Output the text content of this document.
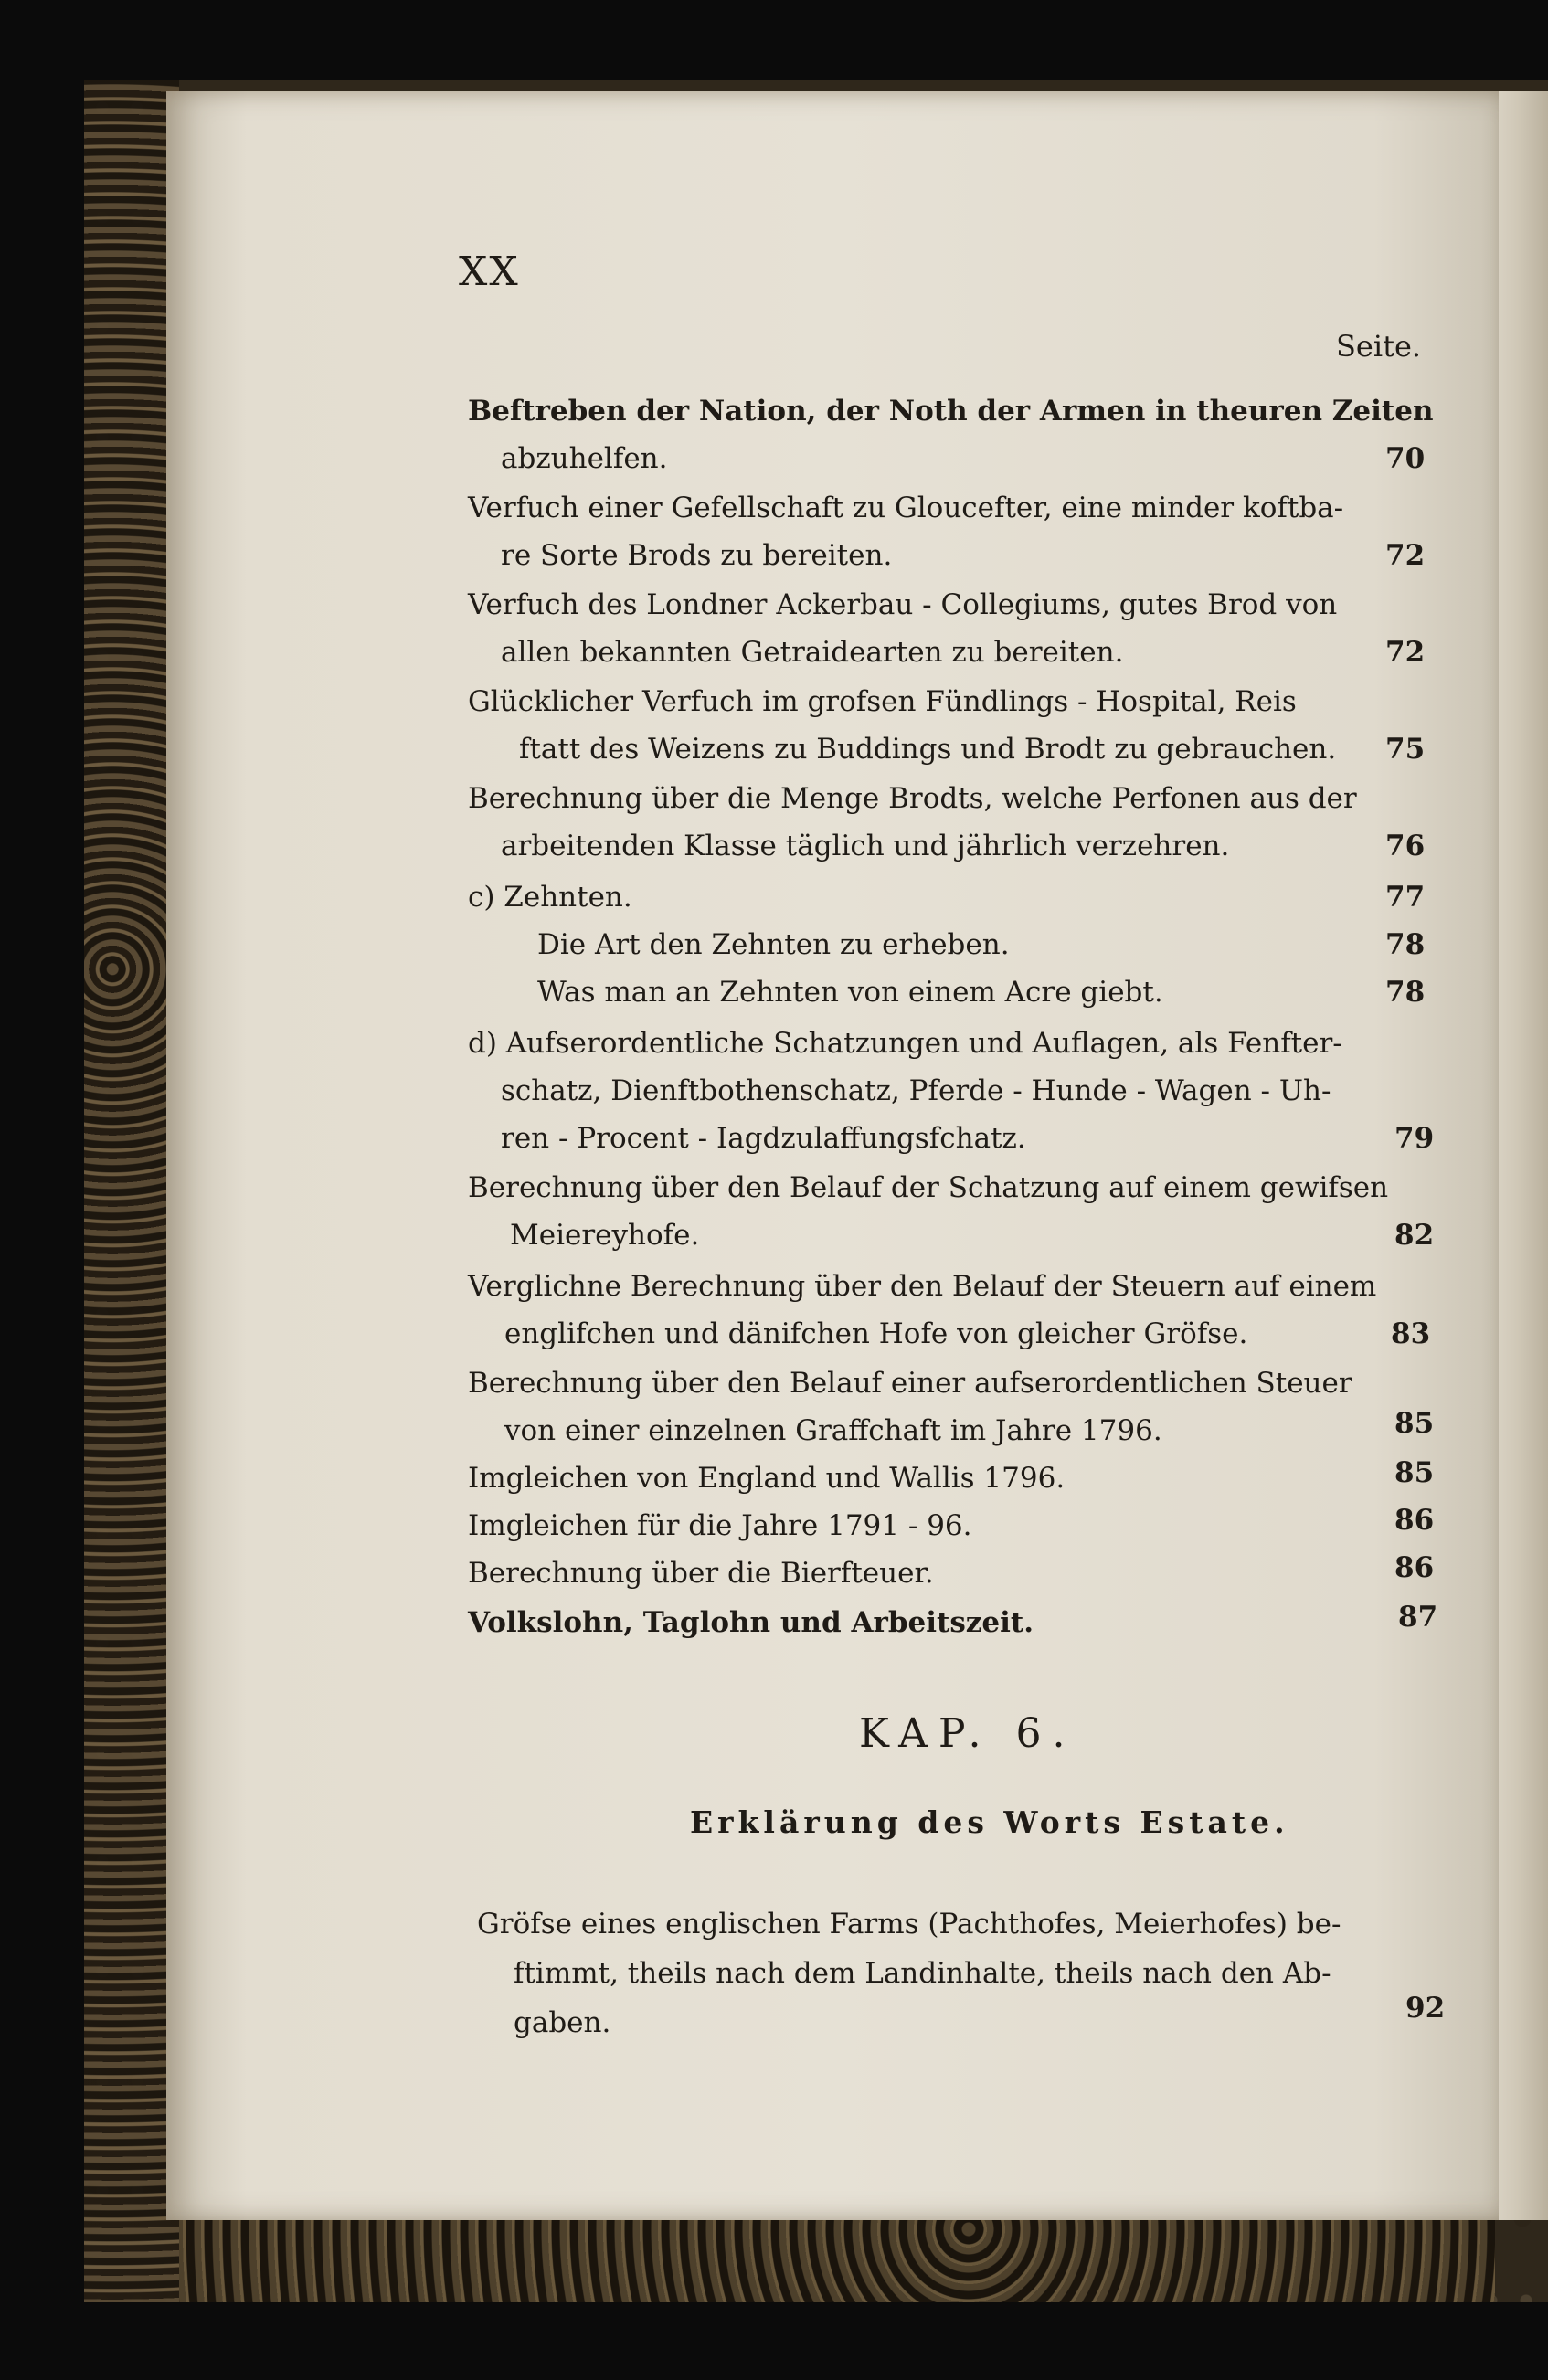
XX
Seite.
Beftreben der Nation, der Noth der Armen in theuren Zeiten
abzuhelfen.	70
Verfuch einer Gefellschaft zu Gloucefter, eine minder koftba-
re Sorte Brods zu bereiten.	72
Verfuch des Londner Ackerbau - Collegiums, gutes Brod von
allen bekannten Getraidearten zu bereiten.	72
Glücklicher Verfuch im grofsen Fündlings - Hospital, Reis
ftatt des Weizens zu Buddings und Brodt zu gebrauchen. 75
Berechnung über die Menge Brodts, welche Perfonen aus der
arbeitenden Klasse täglich und jährlich verzehren.	76
c) Zehnten.	77
Die Art den Zehnten zu erheben.	78
Was man an Zehnten von einem Acre giebt.	78
d) Aufserordentliche Schatzungen und Auflagen, als Fenfter-
schatz, Dienftbothenschatz, Pferde - Hunde - Wagen - Uh-
ren - Procent - Iagdzulaffungsfchatz.	79
Berechnung über den Belauf der Schatzung auf einem gewifsen
Meiereyhofe.	82
Verglichne Berechnung über den Belauf der Steuern auf einem
englifchen und dänifchen Hofe von gleicher Gröfse.	83
Berechnung über den Belauf einer aufserordentlichen Steuer
von einer einzelnen Graffchaft im Jahre 1796.	85
Imgleichen von England und Wallis 1796.	85
Imgleichen für die Jahre 1791 - 96.	86
Berechnung über die Bierfteuer.	86
Volkslohn, Taglohn und Arbeitszeit.	87
KAP. 6.
Erklärung des Worts Estate.
Gröfse eines englischen Farms (Pachthofes, Meierhofes) be-
ftimmt, theils nach dem Landinhalte, theils nach den Ab-
gaben.	92
